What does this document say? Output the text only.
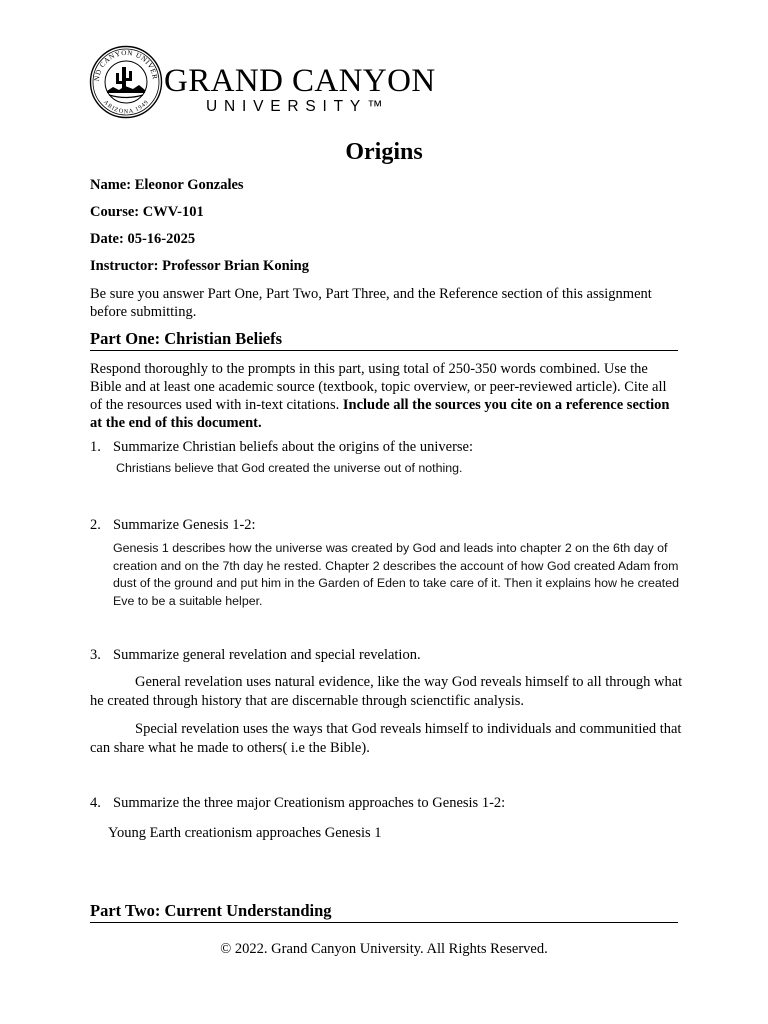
ND CANYON UNIVER
ARIZONA 1949
GRAND CANYON
UNIVERSITY™
Origins
Name: Eleonor Gonzales
Course: CWV-101
Date: 05-16-2025
Instructor: Professor Brian Koning
Be sure you answer Part One, Part Two, Part Three, and the Reference section of this assignment
before submitting.
Part One: Christian Beliefs
Respond thoroughly to the prompts in this part, using total of 250-350 words combined. Use the Bible and at least one academic source (textbook, topic overview, or peer-reviewed article). Cite all of the resources used with in-text citations. Include all the sources you cite on a reference section at the end of this document.
1. Summarize Christian beliefs about the origins of the universe:
Christians believe that God created the universe out of nothing.
2. Summarize Genesis 1-2:
Genesis 1 describes how the universe was created by God and leads into chapter 2 on the 6th day of creation and on the 7th day he rested. Chapter 2 describes the account of how God created Adam from dust of the ground and put him in the Garden of Eden to take care of it. Then it explains how he created Eve to be a suitable helper.
3. Summarize general revelation and special revelation.
General revelation uses natural evidence, like the way God reveals himself to all through what he created through history that are discernable through scienctific analysis.
Special revelation uses the ways that God reveals himself to individuals and communitied that can share what he made to others( i.e the Bible).
4. Summarize the three major Creationism approaches to Genesis 1-2:
Young Earth creationism approaches Genesis 1
Part Two: Current Understanding
© 2022. Grand Canyon University. All Rights Reserved.
